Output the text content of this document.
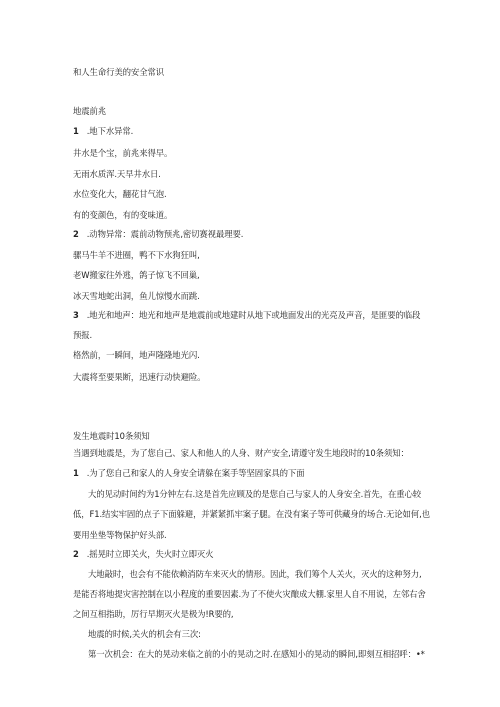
和人生命行美的安全常识

地震前兆

1 .地下水异常.

井水是个宝，前兆来得早。

无雨水质浑.天早井水日.

水位变化大，翻花甘气泡.

有的变颜色，有的变味道。

2 .动物异常：震前动物预兆,密切赛视最理要.

骡马牛羊不进圈，鸭不下水狗狂叫,

老W搬家往外逃，鸽子惊飞不回巢,

冰天雪地蛇出洞，鱼儿惊慢水而跳.

3 .地光和地声：地光和地声是地震前或地建时从地下或地面发出的光亮及声音，是匪要的临段

预报.

格然前，一瞬间，地声隆隆地光闪.

大震将至要果断，迅速行动快避险。

发生地震时10条须知

当遇到地震是，为了您自己、家人和他人的人身、财产安全,请遵守发生地段时的10条须知：

1 .为了您自己和家人的人身安全请躲在案手等坚固家具的下面

大的见动时间约为1分钟左右.这是首先应顾及的是您自己与家人的人身安全.首先，在重心较

低，F1.结实牢固的点子下面躲避，并紧紧抓牢案子腿。在没有案子等可供藏身的场合.无论如何,也

要用坐垫等物保护好头部.

2 .摇晃时立即关火，失火时立即灭火

大地敲时，也会有不能依赖消防车来灭火的情形。因此，我们筹个人关火，灭火的这种努力,

是能否将地提灾害控制在以小程度的重要因素.为了不使火灾酿成大棚.家里人自不用说，左邻右舍

之间互相指助，厉行早期灭火是极为!R要的,

地震的时候,关火的机会有三次:

第一次机会：在大的晃动来临之前的小的晃动之时.在感知小的晃动的瞬间,即刻互相招呼：•*
